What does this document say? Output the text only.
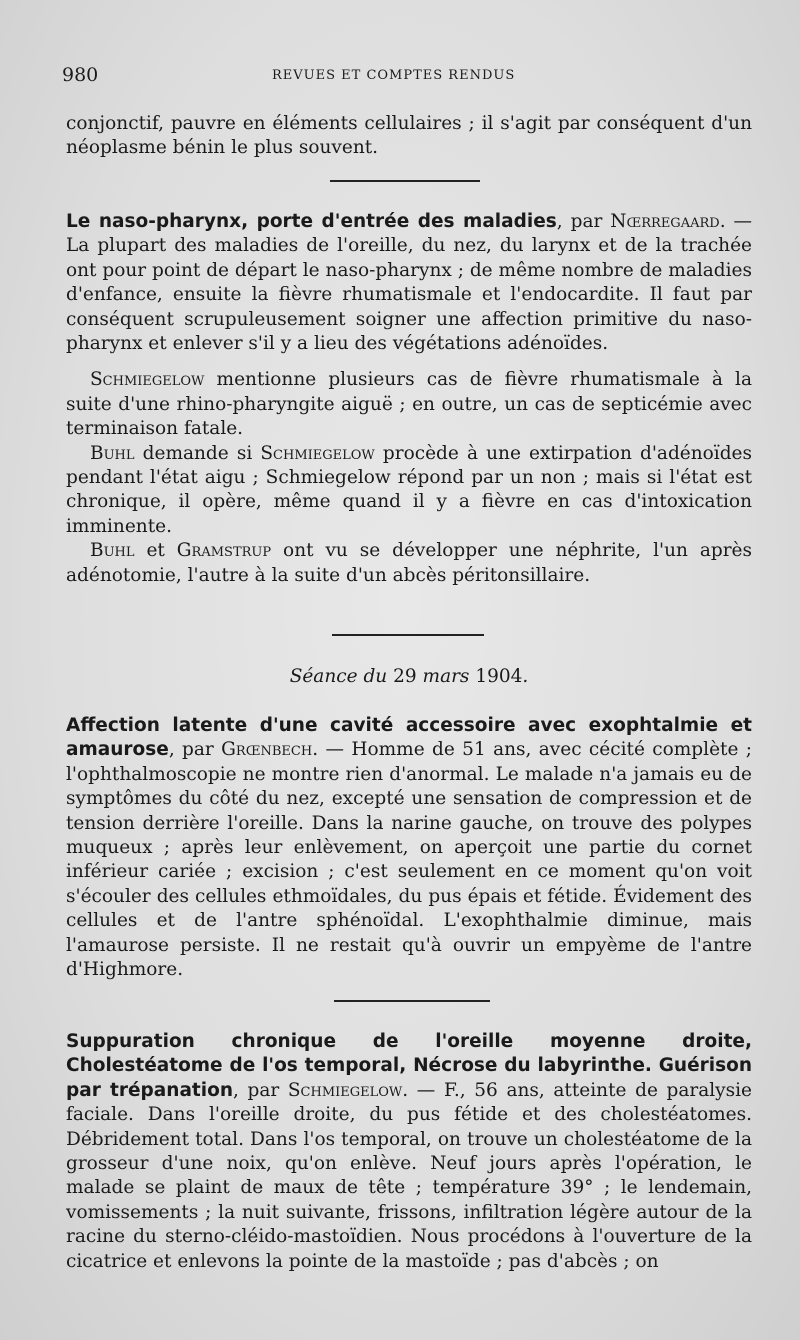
980	REVUES ET COMPTES RENDUS

conjonctif, pauvre en éléments cellulaires ; il s'agit par conséquent d'un néoplasme bénin le plus souvent.

Le naso-pharynx, porte d'entrée des maladies, par Nœrregaard. — La plupart des maladies de l'oreille, du nez, du larynx et de la trachée ont pour point de départ le naso-pharynx ; de même nombre de maladies d'enfance, ensuite la fièvre rhumatismale et l'endocardite. Il faut par conséquent scrupuleusement soigner une affection primitive du naso-pharynx et enlever s'il y a lieu des végétations adénoïdes.

Schmiegelow mentionne plusieurs cas de fièvre rhumatismale à la suite d'une rhino-pharyngite aiguë ; en outre, un cas de septicémie avec terminaison fatale.

Buhl demande si Schmiegelow procède à une extirpation d'adénoïdes pendant l'état aigu ; Schmiegelow répond par un non ; mais si l'état est chronique, il opère, même quand il y a fièvre en cas d'intoxication imminente.

Buhl et Gramstrup ont vu se développer une néphrite, l'un après adénotomie, l'autre à la suite d'un abcès péritonsillaire.

Séance du 29 mars 1904.

Affection latente d'une cavité accessoire avec exophtalmie et amaurose, par Grœnbech. — Homme de 51 ans, avec cécité complète ; l'ophthalmoscopie ne montre rien d'anormal. Le malade n'a jamais eu de symptômes du côté du nez, excepté une sensation de compression et de tension derrière l'oreille. Dans la narine gauche, on trouve des polypes muqueux ; après leur enlèvement, on aperçoit une partie du cornet inférieur cariée ; excision ; c'est seulement en ce moment qu'on voit s'écouler des cellules ethmoïdales, du pus épais et fétide. Évidement des cellules et de l'antre sphénoïdal. L'exophthalmie diminue, mais l'amaurose persiste. Il ne restait qu'à ouvrir un empyème de l'antre d'Highmore.

Suppuration chronique de l'oreille moyenne droite, Cholestéatome de l'os temporal, Nécrose du labyrinthe. Guérison par trépanation, par Schmiegelow. — F., 56 ans, atteinte de paralysie faciale. Dans l'oreille droite, du pus fétide et des cholestéatomes. Débridement total. Dans l'os temporal, on trouve un cholestéatome de la grosseur d'une noix, qu'on enlève. Neuf jours après l'opération, le malade se plaint de maux de tête ; température 39° ; le lendemain, vomissements ; la nuit suivante, frissons, infiltration légère autour de la racine du sterno-cléido-mastoïdien. Nous procédons à l'ouverture de la cicatrice et enlevons la pointe de la mastoïde ; pas d'abcès ; on
